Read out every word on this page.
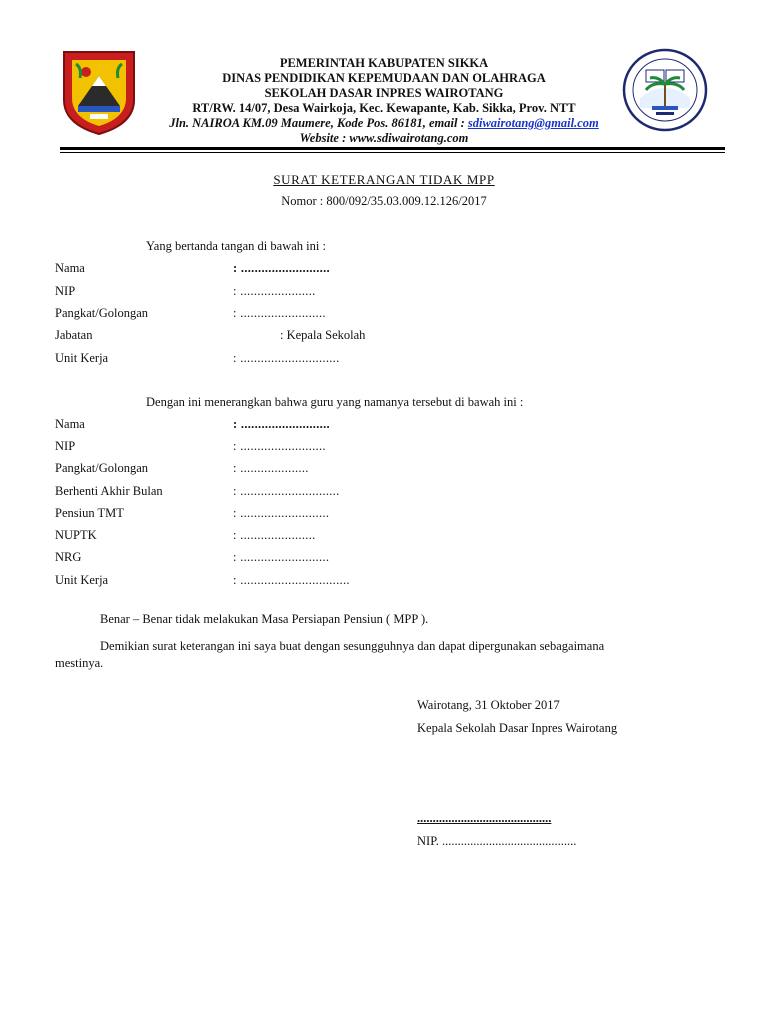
PEMERINTAH KABUPATEN SIKKA
DINAS PENDIDIKAN KEPEMUDAAN DAN OLAHRAGA
SEKOLAH DASAR INPRES WAIROTANG
RT/RW. 14/07, Desa Wairkoja, Kec. Kewapante, Kab. Sikka, Prov. NTT
Jln. NAIROA KM.09 Maumere, Kode Pos. 86181, email : sdiwairotang@gmail.com
Website : www.sdiwairotang.com
SURAT KETERANGAN TIDAK MPP
Nomor : 800/092/35.03.009.12.126/2017
Yang bertanda tangan di bawah ini :
Nama	: ..........................
NIP	: ......................
Pangkat/Golongan	: .........................
Jabatan	: Kepala Sekolah
Unit Kerja	: .............................
Dengan ini menerangkan bahwa guru yang namanya tersebut di bawah ini :
Nama	: ..........................
NIP	: .........................
Pangkat/Golongan	: ....................
Berhenti Akhir Bulan	: .............................
Pensiun TMT	: ..........................
NUPTK	: ......................
NRG	: ..........................
Unit Kerja	: ................................
Benar – Benar tidak melakukan Masa Persiapan Pensiun ( MPP ).
Demikian surat keterangan ini saya buat dengan sesungguhnya dan dapat dipergunakan sebagaimana
mestinya.
Wairotang, 31 Oktober 2017
Kepala Sekolah Dasar Inpres Wairotang
...........................................
NIP. ...........................................
